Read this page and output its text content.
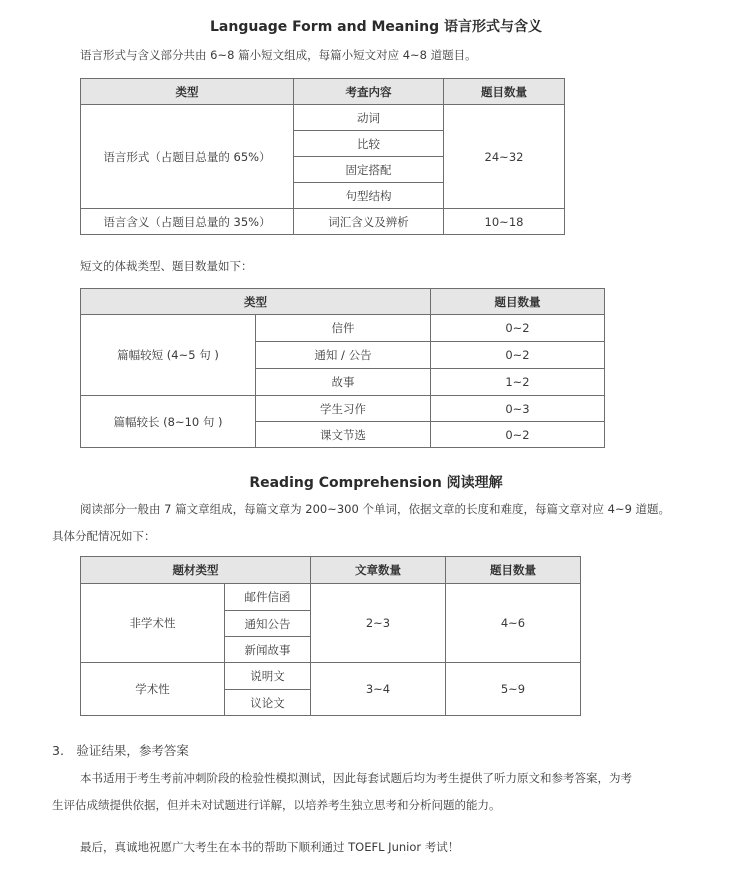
Language Form and Meaning 语言形式与含义
语言形式与含义部分共由 6~8 篇小短文组成，每篇小短文对应 4~8 道题目。
类型	考查内容	题目数量
语言形式（占题目总量的 65%）	动词	24~32
	比较	
	固定搭配	
	句型结构	
语言含义（占题目总量的 35%）	词汇含义及辨析	10~18
短文的体裁类型、题目数量如下：
类型		题目数量
篇幅较短 (4~5 句 )	信件	0~2
	通知 / 公告	0~2
	故事	1~2
篇幅较长 (8~10 句 )	学生习作	0~3
	课文节选	0~2
Reading Comprehension 阅读理解
阅读部分一般由 7 篇文章组成，每篇文章为 200~300 个单词，依据文章的长度和难度，每篇文章对应 4~9 道题。
具体分配情况如下：
题材类型		文章数量	题目数量
非学术性	邮件信函	2~3	4~6
	通知公告		
	新闻故事		
学术性	说明文	3~4	5~9
	议论文		
3.　验证结果，参考答案
本书适用于考生考前冲刺阶段的检验性模拟测试，因此每套试题后均为考生提供了听力原文和参考答案，为考
生评估成绩提供依据，但并未对试题进行详解，以培养考生独立思考和分析问题的能力。
最后，真诚地祝愿广大考生在本书的帮助下顺利通过 TOEFL Junior 考试！
